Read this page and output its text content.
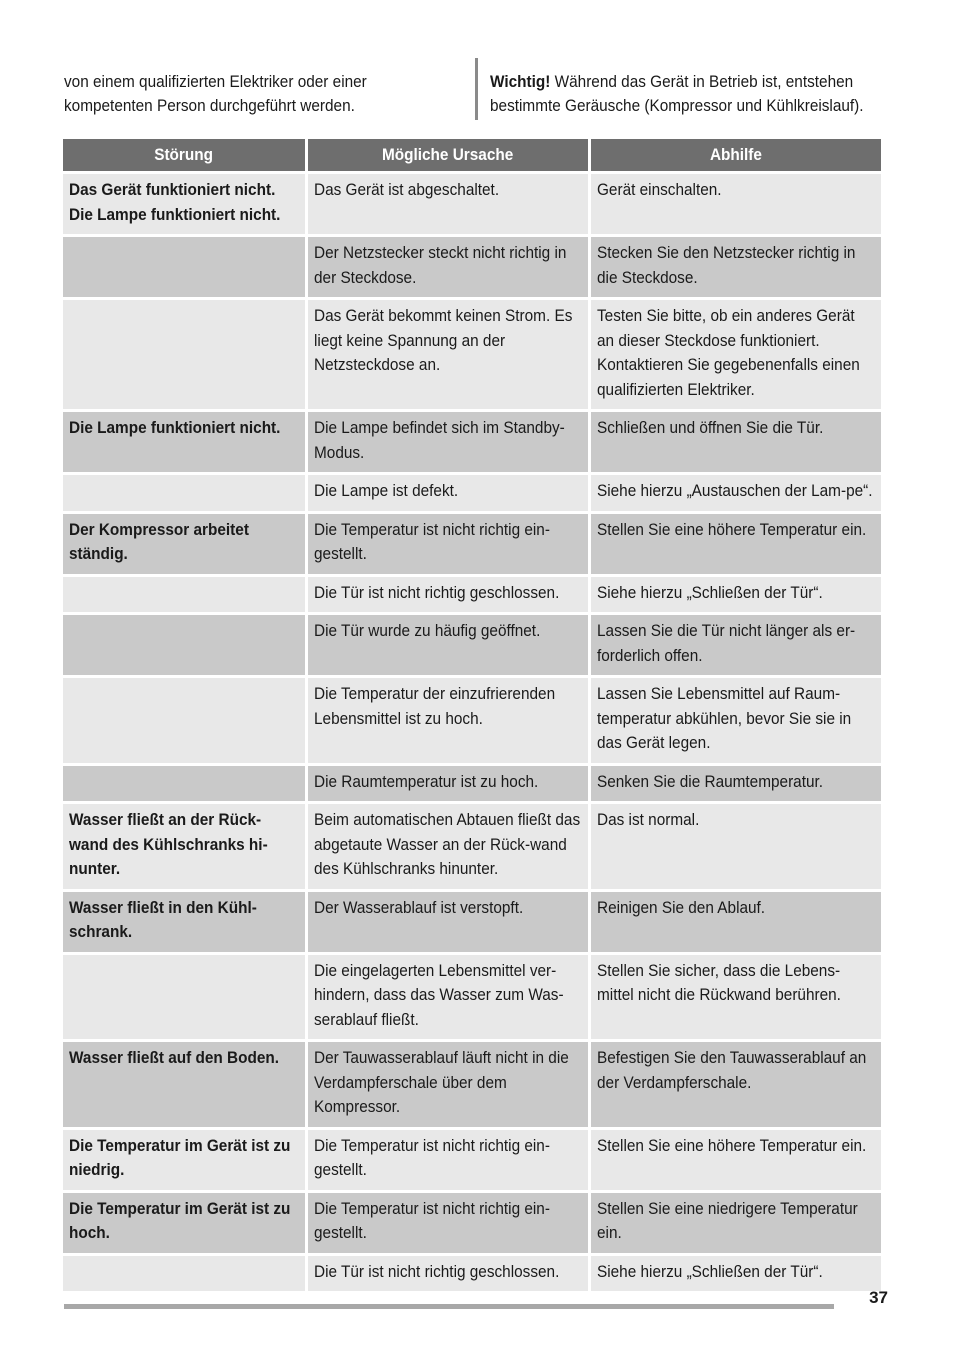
von einem qualifizierten Elektriker oder einer kompetenten Person durchgeführt werden.
Wichtig! Während das Gerät in Betrieb ist, entstehen bestimmte Geräusche (Kompressor und Kühlkreislauf).
Störung	Mögliche Ursache	Abhilfe

Das Gerät funktioniert nicht. Die Lampe funktioniert nicht.	Das Gerät ist abgeschaltet.	Gerät einschalten.

	Der Netzstecker steckt nicht richtig in der Steckdose.	Stecken Sie den Netzstecker richtig in die Steckdose.

	Das Gerät bekommt keinen Strom. Es liegt keine Spannung an der Netzsteckdose an.	Testen Sie bitte, ob ein anderes Gerät an dieser Steckdose funktioniert. Kontaktieren Sie gegebenenfalls einen qualifizierten Elektriker.

Die Lampe funktioniert nicht.	Die Lampe befindet sich im Standby-Modus.	Schließen und öffnen Sie die Tür.

	Die Lampe ist defekt.	Siehe hierzu „Austauschen der Lam-pe“.

Der Kompressor arbeitet ständig.	Die Temperatur ist nicht richtig ein-gestellt.	Stellen Sie eine höhere Temperatur ein.

	Die Tür ist nicht richtig geschlossen.	Siehe hierzu „Schließen der Tür“.

	Die Tür wurde zu häufig geöffnet.	Lassen Sie die Tür nicht länger als er-forderlich offen.

	Die Temperatur der einzufrierenden Lebensmittel ist zu hoch.	Lassen Sie Lebensmittel auf Raum-temperatur abkühlen, bevor Sie sie in das Gerät legen.

	Die Raumtemperatur ist zu hoch.	Senken Sie die Raumtemperatur.

Wasser fließt an der Rück-wand des Kühlschranks hi-nunter.	Beim automatischen Abtauen fließt das abgetaute Wasser an der Rück-wand des Kühlschranks hinunter.	Das ist normal.

Wasser fließt in den Kühl-schrank.	Der Wasserablauf ist verstopft.	Reinigen Sie den Ablauf.

	Die eingelagerten Lebensmittel ver-hindern, dass das Wasser zum Was-serablauf fließt.	Stellen Sie sicher, dass die Lebens-mittel nicht die Rückwand berühren.

Wasser fließt auf den Boden.	Der Tauwasserablauf läuft nicht in die Verdampferschale über dem Kompressor.	Befestigen Sie den Tauwasserablauf an der Verdampferschale.

Die Temperatur im Gerät ist zu niedrig.	Die Temperatur ist nicht richtig ein-gestellt.	Stellen Sie eine höhere Temperatur ein.

Die Temperatur im Gerät ist zu hoch.	Die Temperatur ist nicht richtig ein-gestellt.	Stellen Sie eine niedrigere Temperatur ein.

	Die Tür ist nicht richtig geschlossen.	Siehe hierzu „Schließen der Tür“.
37
